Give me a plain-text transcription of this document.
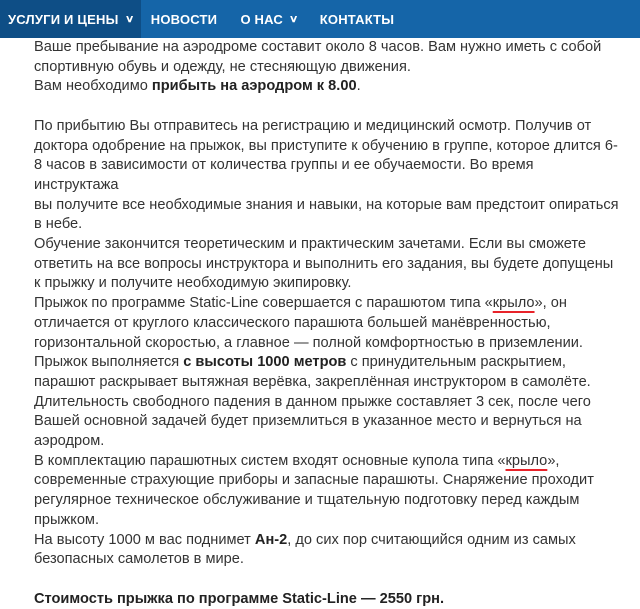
УСЛУГИ И ЦЕНЫ ∨ НОВОСТИ О НАС ∨ КОНТАКТЫ

Ваше пребывание на аэродроме составит около 8 часов. Вам нужно иметь с собой
спортивную обувь и одежду, не стесняющую движения.
Вам необходимо прибыть на аэродром к 8.00.

По прибытию Вы отправитесь на регистрацию и медицинский осмотр. Получив от
доктора одобрение на прыжок, вы приступите к обучению в группе, которое длится 6-
8 часов в зависимости от количества группы и ее обучаемости. Во время инструктажа
вы получите все необходимые знания и навыки, на которые вам предстоит опираться
в небе.

Обучение закончится теоретическим и практическим зачетами. Если вы сможете
ответить на все вопросы инструктора и выполнить его задания, вы будете допущены
к прыжку и получите необходимую экипировку.

Прыжок по программе Static-Line совершается с парашютом типа «крыло», он
отличается от круглого классического парашюта большей манёвренностью,
горизонтальной скоростью, а главное — полной комфортностью в приземлении.

Прыжок выполняется с высоты 1000 метров с принудительным раскрытием,
парашют раскрывает вытяжная верёвка, закреплённая инструктором в самолёте.
Длительность свободного падения в данном прыжке составляет 3 сек, после чего
Вашей основной задачей будет приземлиться в указанное место и вернуться на
аэродром.

В комплектацию парашютных систем входят основные купола типа «крыло»,
современные страхующие приборы и запасные парашюты. Снаряжение проходит
регулярное техническое обслуживание и тщательную подготовку перед каждым
прыжком.

На высоту 1000 м вас поднимет Ан-2, до сих пор считающийся одним из самых
безопасных самолетов в мире.

Стоимость прыжка по программе Static-Line — 2550 грн.
